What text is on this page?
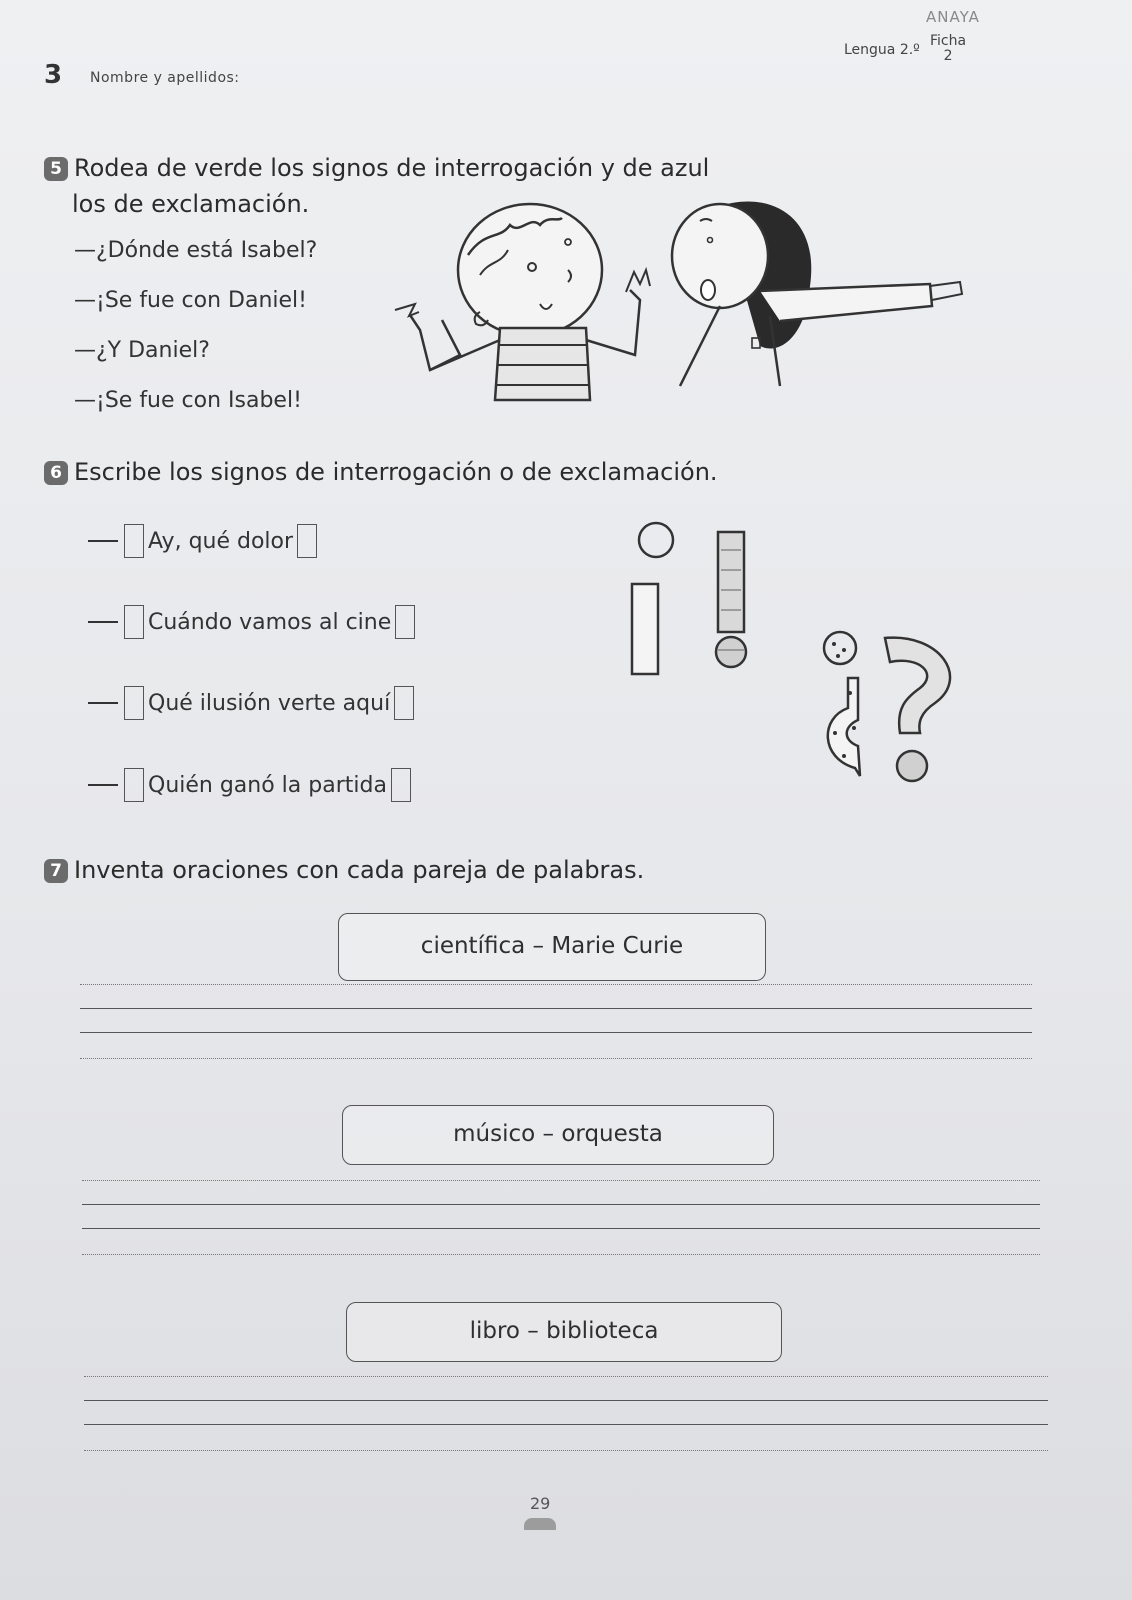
ANAYA
Lengua 2.º
Ficha
2
3 Nombre y apellidos:
5 Rodea de verde los signos de interrogación y de azul
los de exclamación.
—¿Dónde está Isabel?
—¡Se fue con Daniel!
—¿Y Daniel?
—¡Se fue con Isabel!
6 Escribe los signos de interrogación o de exclamación.
Ay, qué dolor
Cuándo vamos al cine
Qué ilusión verte aquí
Quién ganó la partida
7 Inventa oraciones con cada pareja de palabras.
científica – Marie Curie
músico – orquesta
libro – biblioteca
29
